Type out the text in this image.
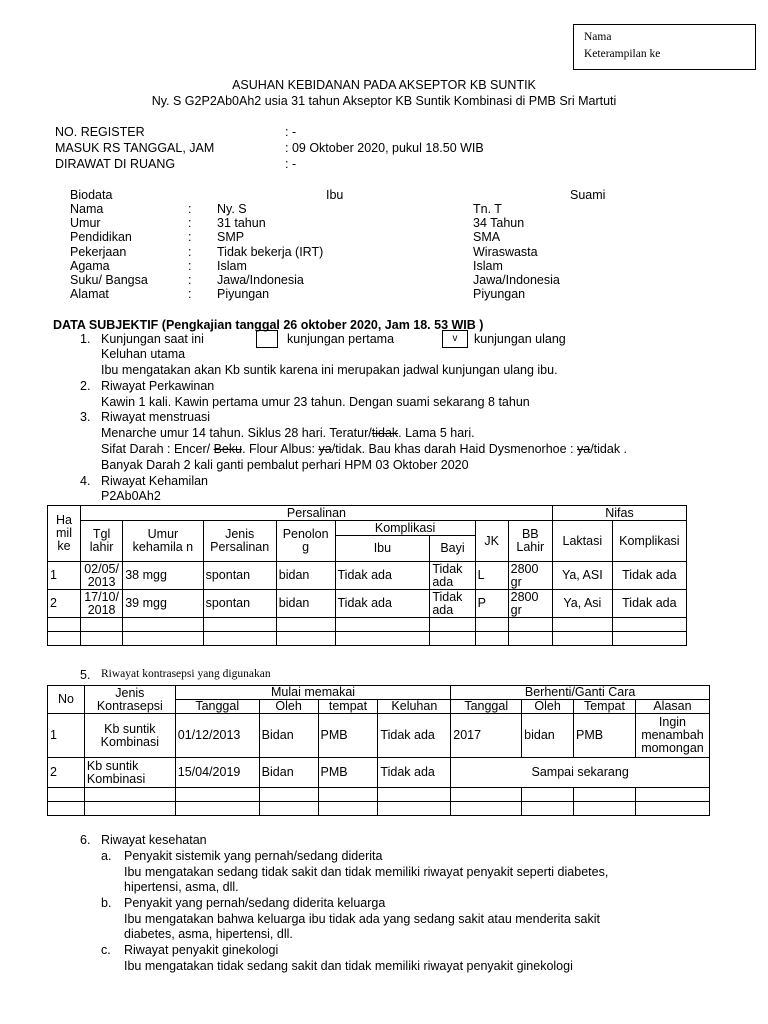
Nama
Keterampilan ke
ASUHAN KEBIDANAN PADA AKSEPTOR KB SUNTIK
Ny. S G2P2Ab0Ah2 usia 31 tahun Akseptor KB Suntik Kombinasi di PMB Sri Martuti
NO. REGISTER	: -
MASUK RS TANGGAL, JAM	: 09 Oktober 2020, pukul 18.50 WIB
DIRAWAT DI RUANG	: -
Biodata	Ibu	Suami
Nama	: Ny. S	Tn. T
Umur	: 31 tahun	34 Tahun
Pendidikan	: SMP	SMA
Pekerjaan	: Tidak bekerja (IRT)	Wiraswasta
Agama	: Islam	Islam
Suku/ Bangsa	: Jawa/Indonesia	Jawa/Indonesia
Alamat	: Piyungan	Piyungan
DATA SUBJEKTIF (Pengkajian tanggal 26 oktober 2020, Jam 18. 53 WIB )
1. Kunjungan saat ini	kunjungan pertama	v	kunjungan ulang
Keluhan utama
Ibu mengatakan akan Kb suntik karena ini merupakan jadwal kunjungan ulang ibu.
2. Riwayat Perkawinan
Kawin 1 kali. Kawin pertama umur 23 tahun. Dengan suami sekarang 8 tahun
3. Riwayat menstruasi
Menarche umur 14 tahun. Siklus 28 hari. Teratur/tidak. Lama 5 hari.
Sifat Darah : Encer/ Beku. Flour Albus: ya/tidak. Bau khas darah Haid Dysmenorhoe : ya/tidak .
Banyak Darah 2 kali ganti pembalut perhari HPM 03 Oktober 2020
4. Riwayat Kehamilan
P2Ab0Ah2
Ha mil ke	Persalinan								Nifas	
	Tgl lahir	Umur kehamila n	Jenis Persalinan	Penolon g	Komplikasi		JK	BB Lahir	Laktasi	Komplikasi
					Ibu	Bayi				
1	02/05/ 2013	38 mgg	spontan	bidan	Tidak ada	Tidak ada	L	2800 gr	Ya, ASI	Tidak ada
2	17/10/ 2018	39 mgg	spontan	bidan	Tidak ada	Tidak ada	P	2800 gr	Ya, Asi	Tidak ada

5. Riwayat kontrasepsi yang digunakan
No	Jenis Kontrasepsi	Mulai memakai				Berhenti/Ganti Cara			
		Tanggal	Oleh	tempat	Keluhan	Tanggal	Oleh	Tempat	Alasan
1	Kb suntik Kombinasi	01/12/2013	Bidan	PMB	Tidak ada	2017	bidan	PMB	Ingin menambah momongan
2	Kb suntik Kombinasi	15/04/2019	Bidan	PMB	Tidak ada	Sampai sekarang			

6. Riwayat kesehatan
a. Penyakit sistemik yang pernah/sedang diderita
Ibu mengatakan sedang tidak sakit dan tidak memiliki riwayat penyakit seperti diabetes,
hipertensi, asma, dll.
b. Penyakit yang pernah/sedang diderita keluarga
Ibu mengatakan bahwa keluarga ibu tidak ada yang sedang sakit atau menderita sakit
diabetes, asma, hipertensi, dll.
c. Riwayat penyakit ginekologi
Ibu mengatakan tidak sedang sakit dan tidak memiliki riwayat penyakit ginekologi
